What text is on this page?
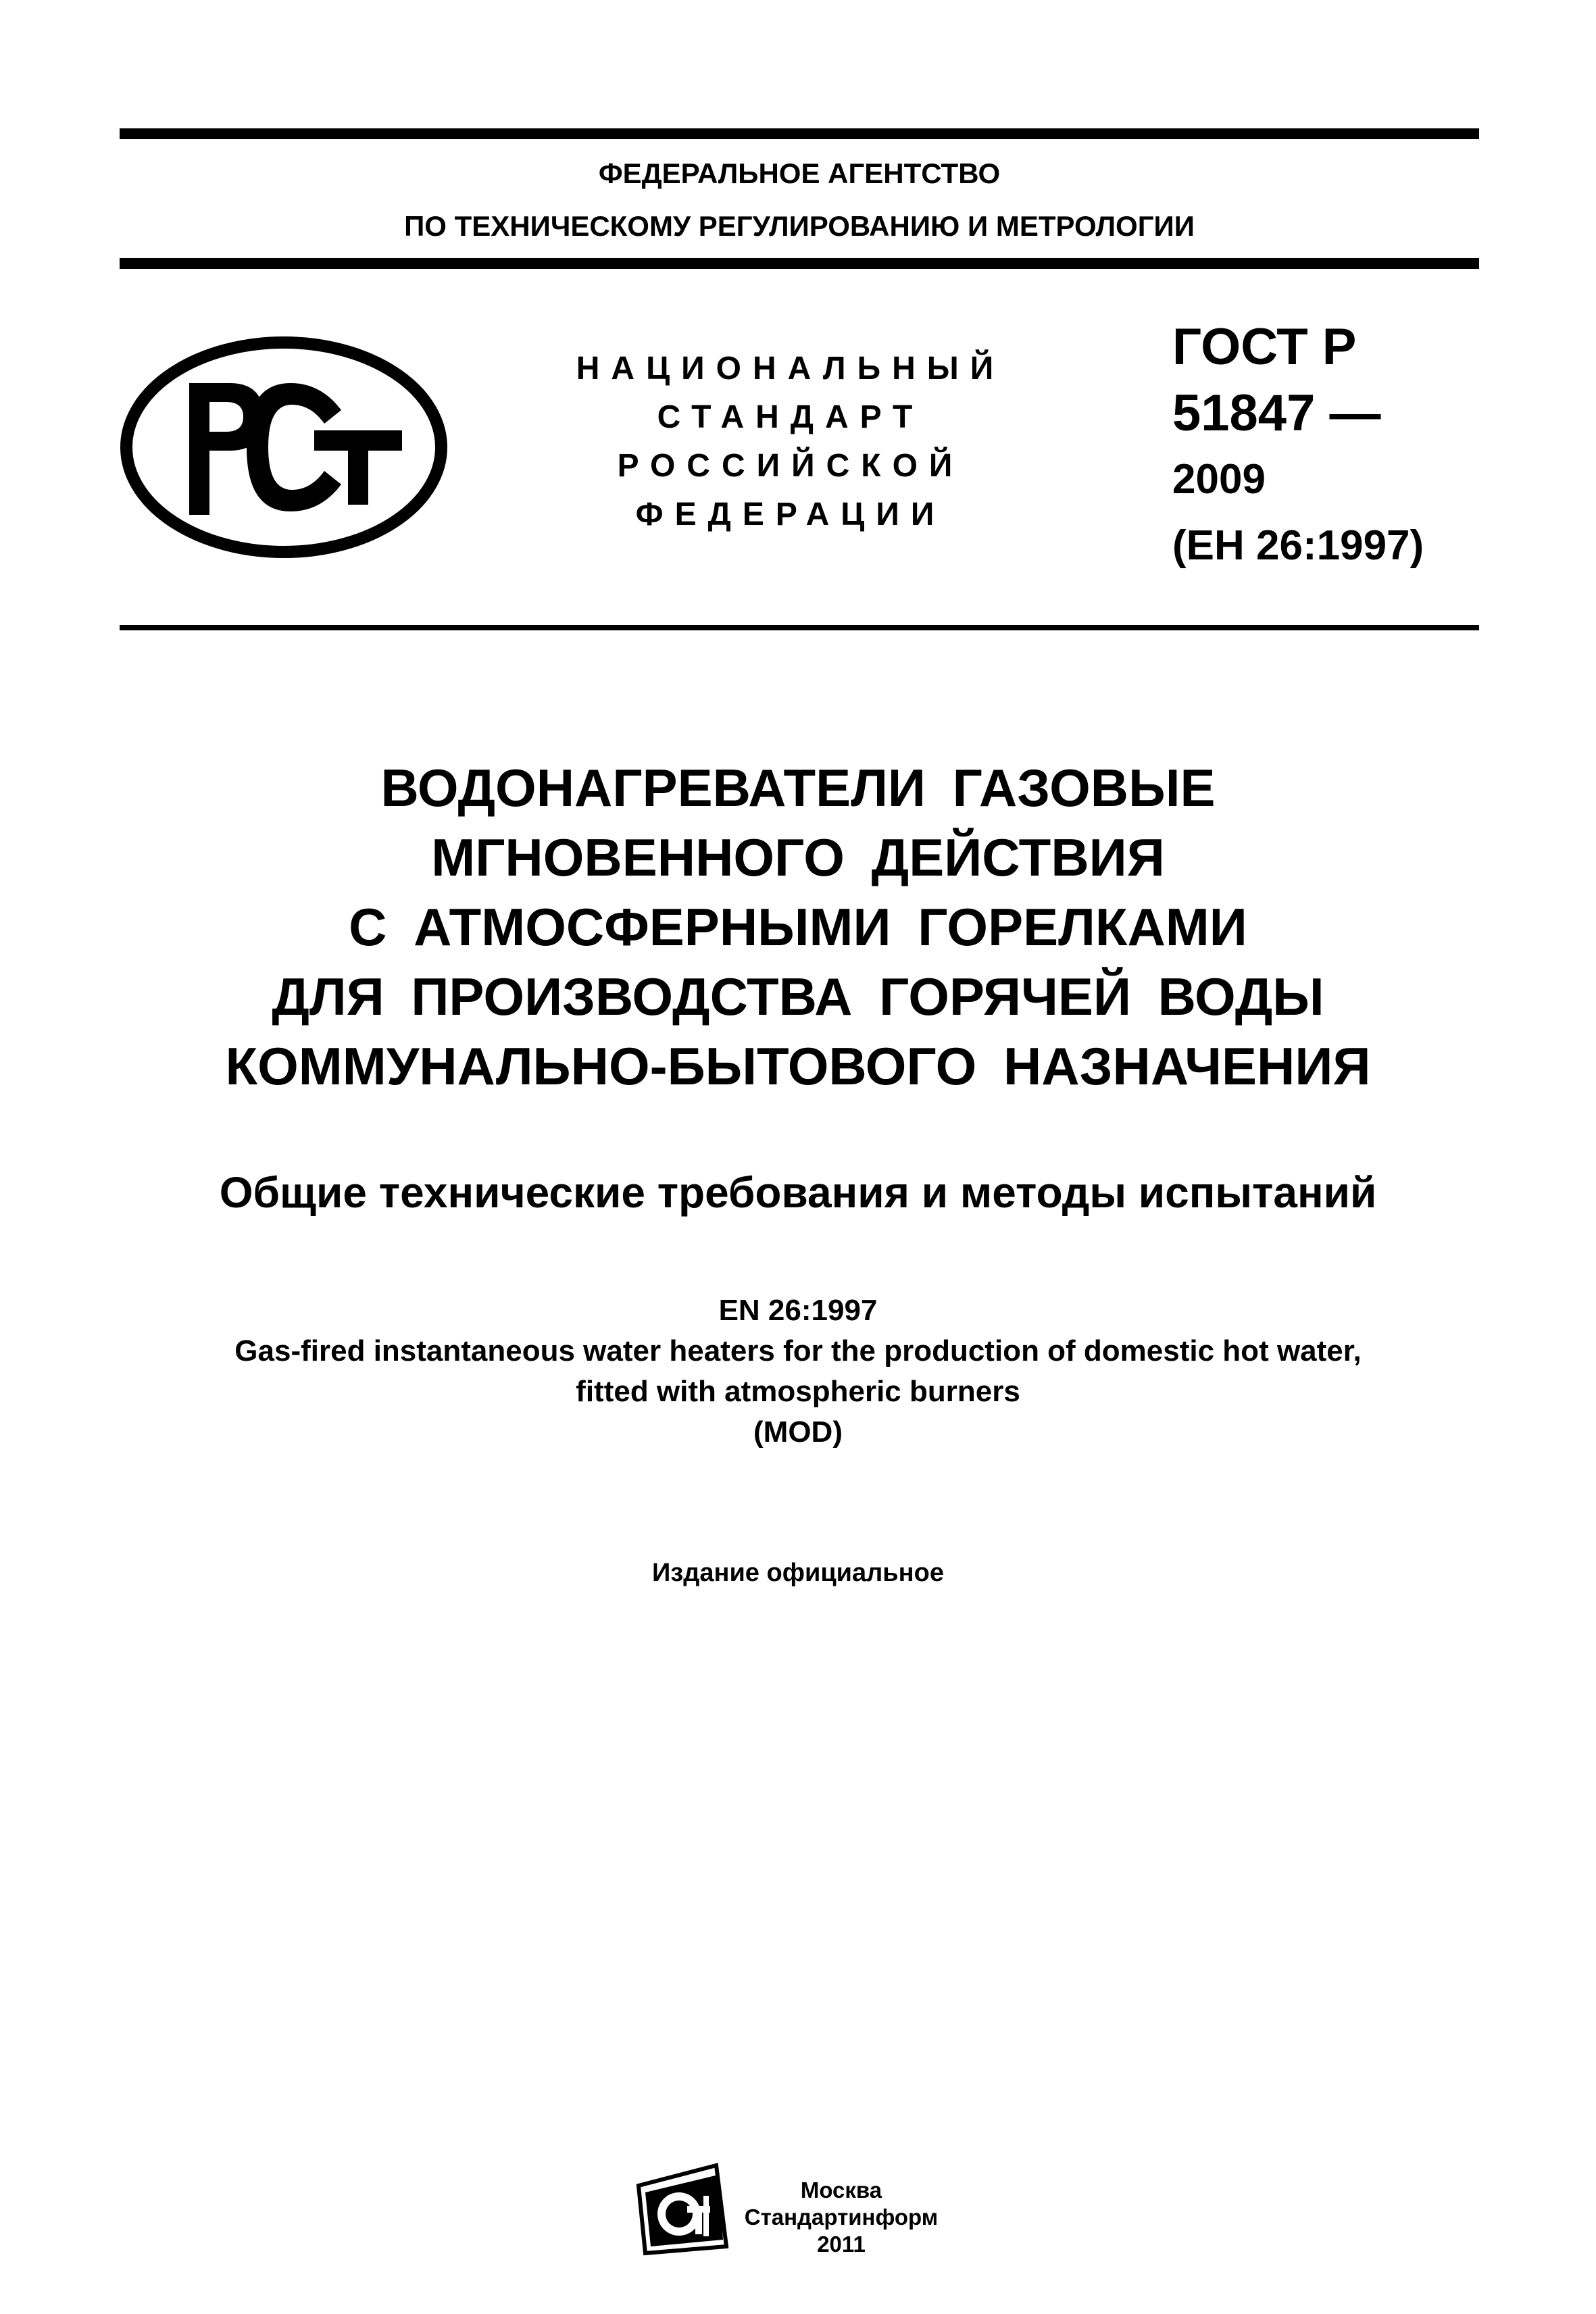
ФЕДЕРАЛЬНОЕ АГЕНТСТВО
ПО ТЕХНИЧЕСКОМУ РЕГУЛИРОВАНИЮ И МЕТРОЛОГИИ
НАЦИОНАЛЬНЫЙ
СТАНДАРТ
РОССИЙСКОЙ
ФЕДЕРАЦИИ
ГОСТ Р
51847 —
2009
(ЕН 26:1997)
ВОДОНАГРЕВАТЕЛИ ГАЗОВЫЕ
МГНОВЕННОГО ДЕЙСТВИЯ
С АТМОСФЕРНЫМИ ГОРЕЛКАМИ
ДЛЯ ПРОИЗВОДСТВА ГОРЯЧЕЙ ВОДЫ
КОММУНАЛЬНО-БЫТОВОГО НАЗНАЧЕНИЯ
Общие технические требования и методы испытаний
EN 26:1997
Gas-fired instantaneous water heaters for the production of domestic hot water,
fitted with atmospheric burners
(MOD)
Издание официальное
Москва
Стандартинформ
2011
